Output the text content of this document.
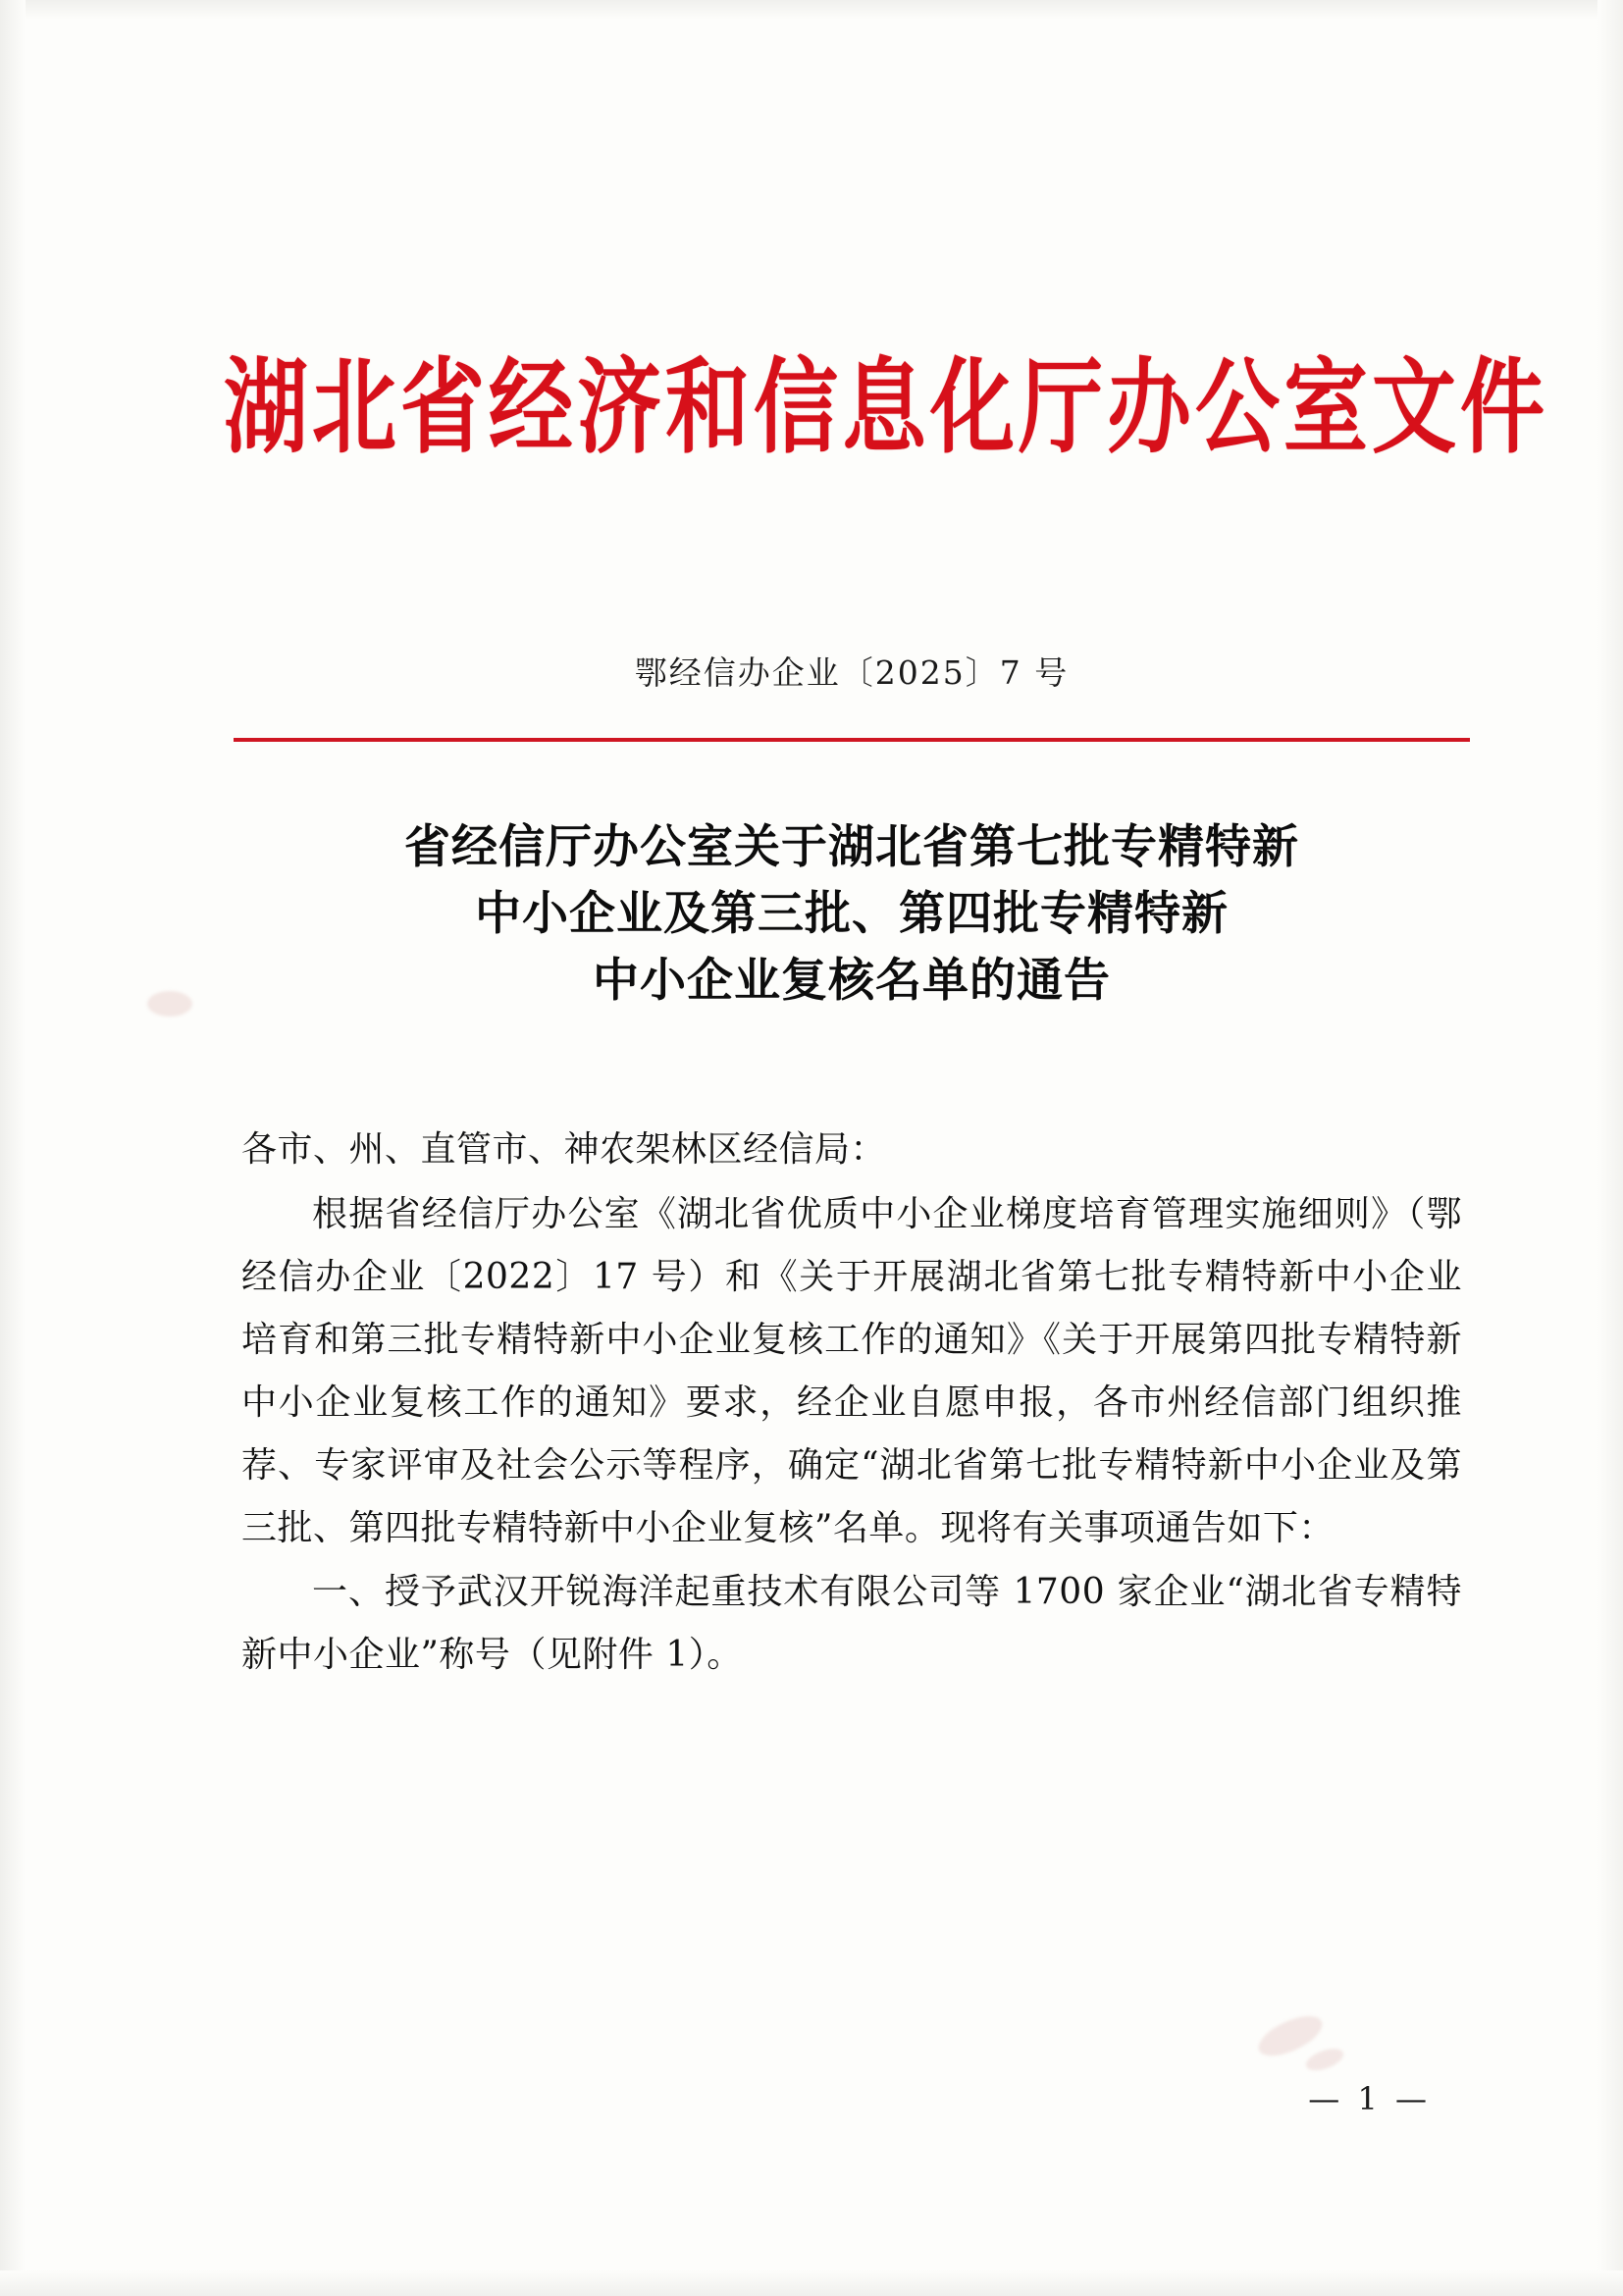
湖北省经济和信息化厅办公室文件
鄂经信办企业〔2025〕7 号
省经信厅办公室关于湖北省第七批专精特新
中小企业及第三批、第四批专精特新
中小企业复核名单的通告
各市、州、直管市、神农架林区经信局：
根据省经信厅办公室《湖北省优质中小企业梯度培育管理实施细则》（鄂经信办企业〔2022〕17 号）和《关于开展湖北省第七批专精特新中小企业培育和第三批专精特新中小企业复核工作的通知》《关于开展第四批专精特新中小企业复核工作的通知》要求，经企业自愿申报，各市州经信部门组织推荐、专家评审及社会公示等程序，确定“湖北省第七批专精特新中小企业及第三批、第四批专精特新中小企业复核”名单。现将有关事项通告如下：
一、授予武汉开锐海洋起重技术有限公司等 1700 家企业“湖北省专精特新中小企业”称号（见附件 1）。
— 1 —
